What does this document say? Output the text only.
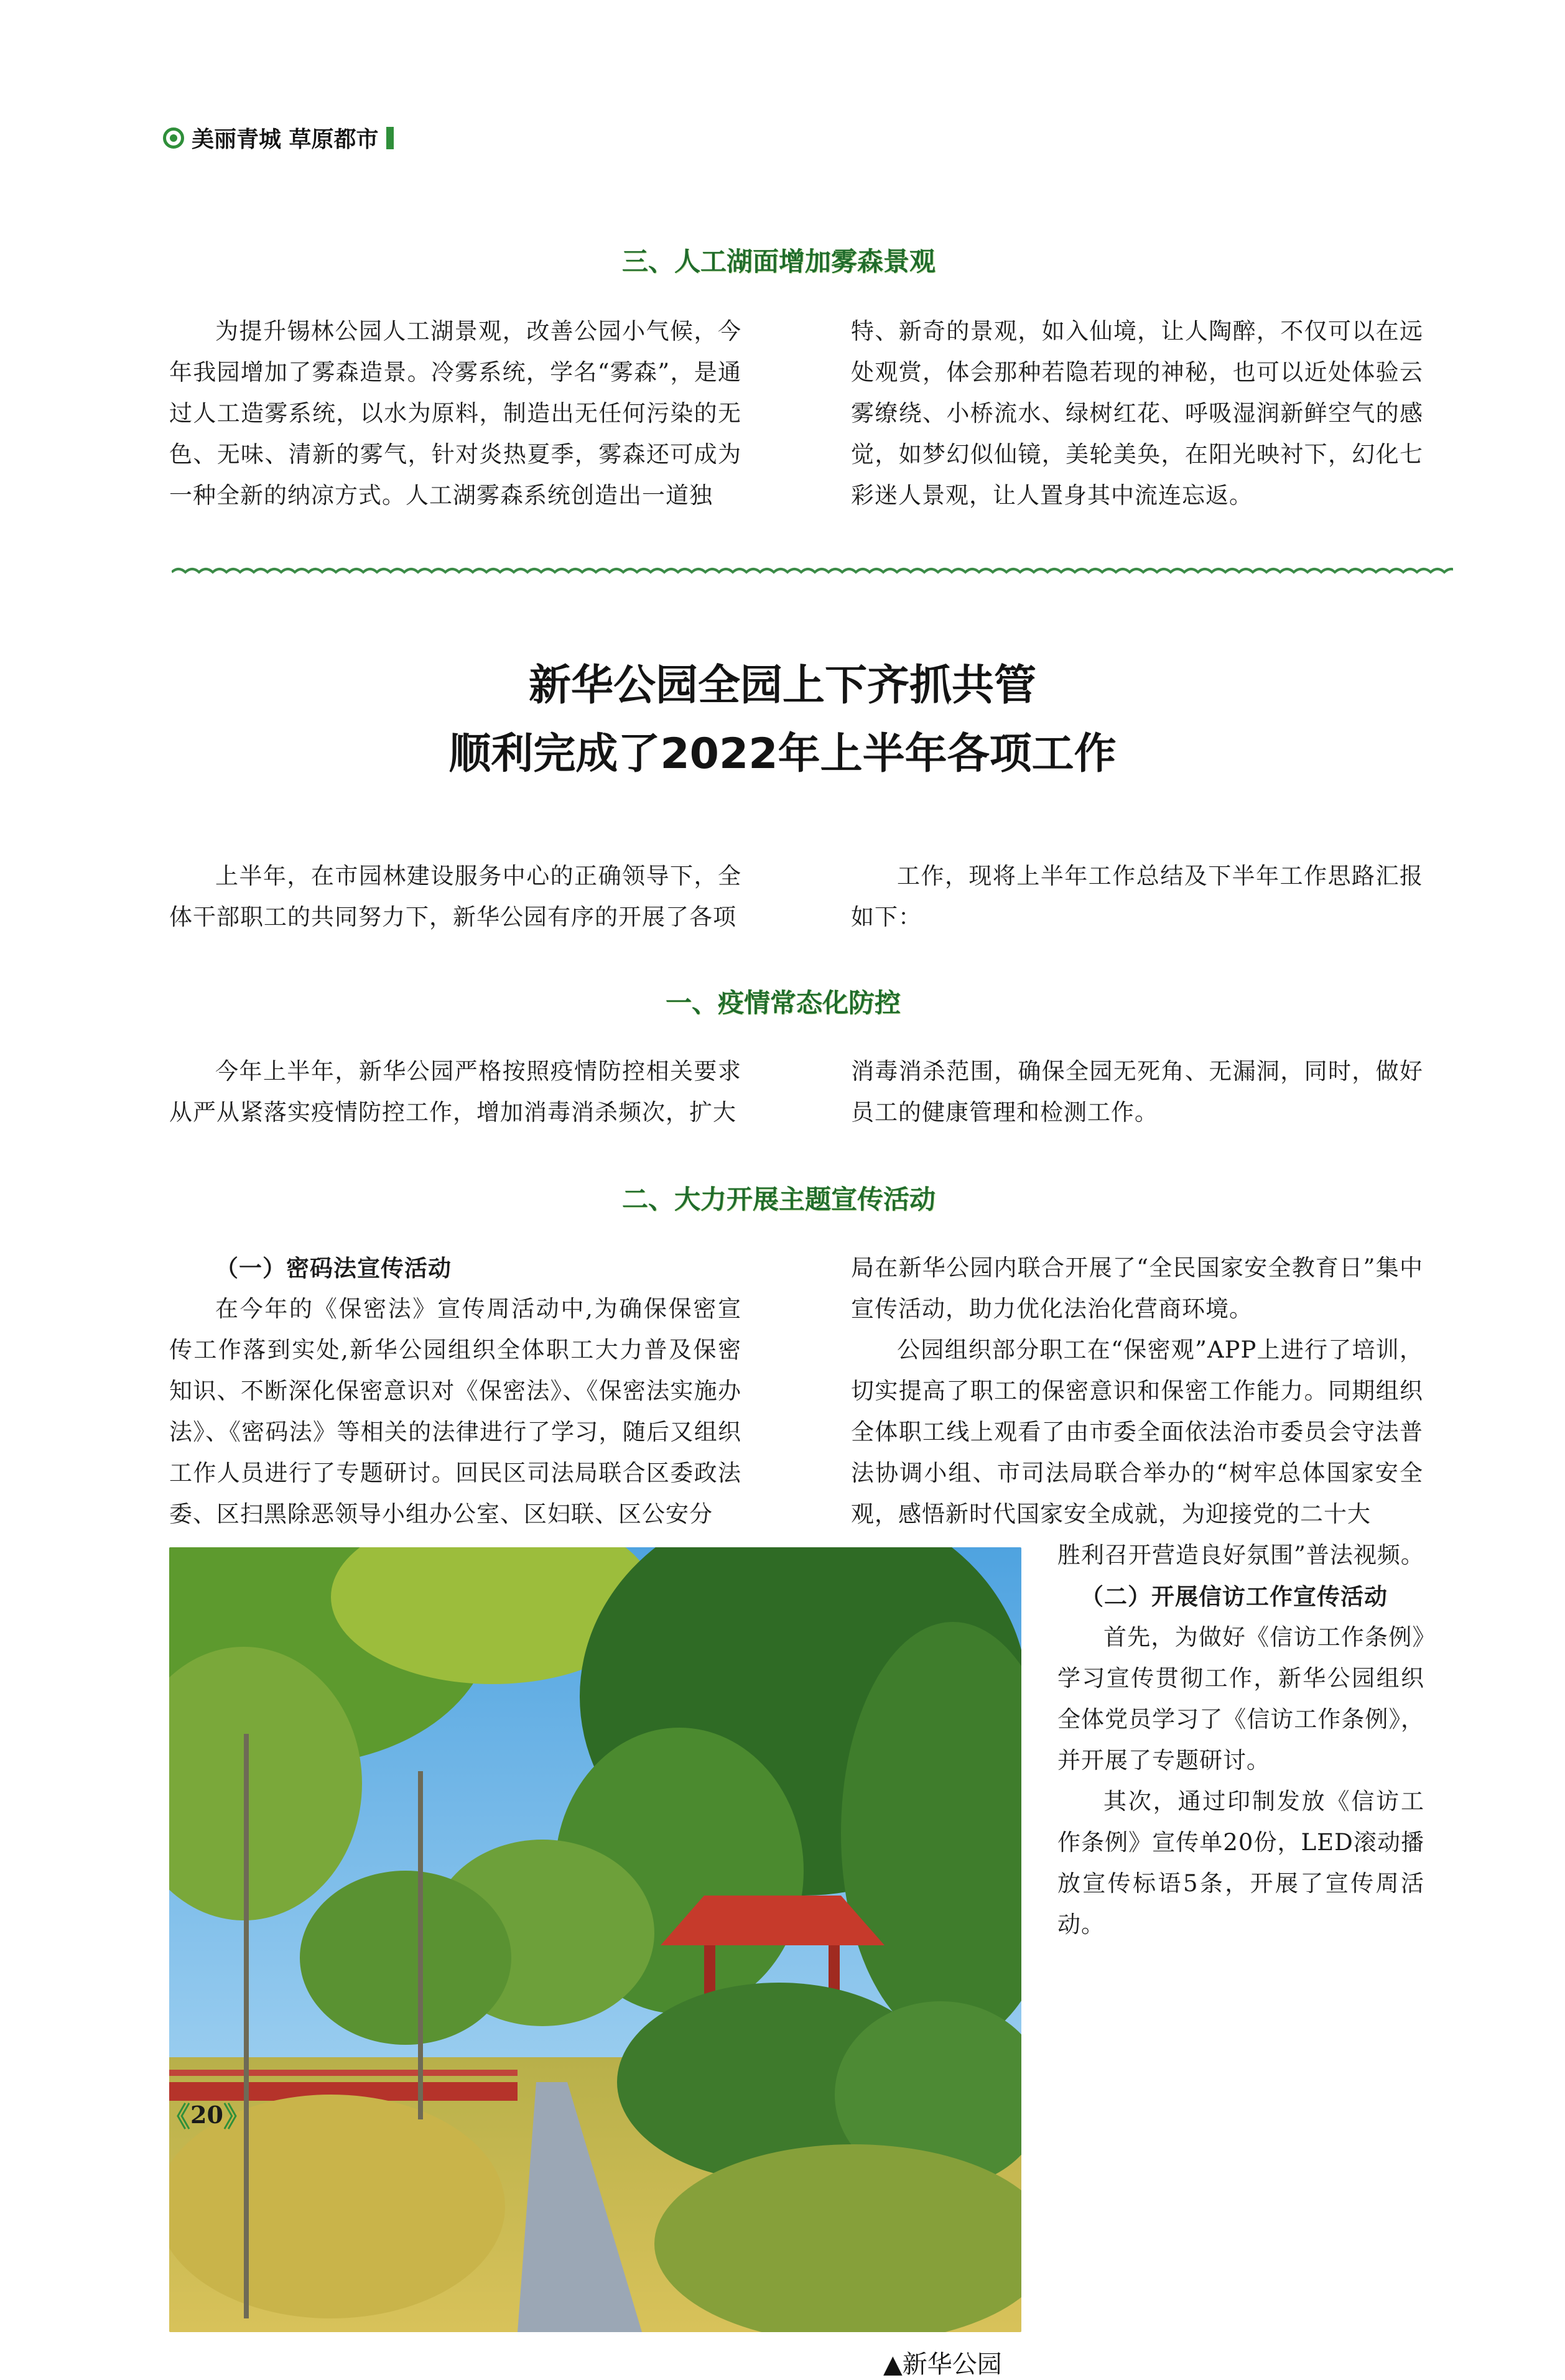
美丽青城 草原都市
三、人工湖面增加雾森景观

为提升锡林公园人工湖景观，改善公园小气候，今年我园增加了雾森造景。冷雾系统，学名“雾森”，是通过人工造雾系统，以水为原料，制造出无任何污染的无色、无味、清新的雾气，针对炎热夏季，雾森还可成为一种全新的纳凉方式。人工湖雾森系统创造出一道独

特、新奇的景观，如入仙境，让人陶醉，不仅可以在远处观赏，体会那种若隐若现的神秘，也可以近处体验云雾缭绕、小桥流水、绿树红花、呼吸湿润新鲜空气的感觉，如梦幻似仙镜，美轮美奂，在阳光映衬下，幻化七彩迷人景观，让人置身其中流连忘返。

新华公园全园上下齐抓共管
顺利完成了2022年上半年各项工作

上半年，在市园林建设服务中心的正确领导下，全体干部职工的共同努力下，新华公园有序的开展了各项

工作，现将上半年工作总结及下半年工作思路汇报如下：

一、疫情常态化防控

今年上半年，新华公园严格按照疫情防控相关要求从严从紧落实疫情防控工作，增加消毒消杀频次，扩大

消毒消杀范围，确保全园无死角、无漏洞，同时，做好员工的健康管理和检测工作。

二、大力开展主题宣传活动
（一）密码法宣传活动

在今年的《保密法》宣传周活动中,为确保保密宣传工作落到实处,新华公园组织全体职工大力普及保密知识、不断深化保密意识对《保密法》、《保密法实施办法》、《密码法》等相关的法律进行了学习，随后又组织工作人员进行了专题研讨。回民区司法局联合区委政法委、区扫黑除恶领导小组办公室、区妇联、区公安分

局在新华公园内联合开展了“全民国家安全教育日”集中宣传活动，助力优化法治化营商环境。

公园组织部分职工在“保密观”APP上进行了培训，切实提高了职工的保密意识和保密工作能力。同期组织全体职工线上观看了由市委全面依法治市委员会守法普法协调小组、市司法局联合举办的“树牢总体国家安全观，感悟新时代国家安全成就，为迎接党的二十大

胜利召开营造良好氛围”普法视频。

（二）开展信访工作宣传活动

首先，为做好《信访工作条例》学习宣传贯彻工作，新华公园组织全体党员学习了《信访工作条例》，并开展了专题研讨。

其次，通过印制发放《信访工作条例》宣传单20份，LED滚动播放宣传标语5条，开展了宣传周活动。

▲新华公园
《 20 》
